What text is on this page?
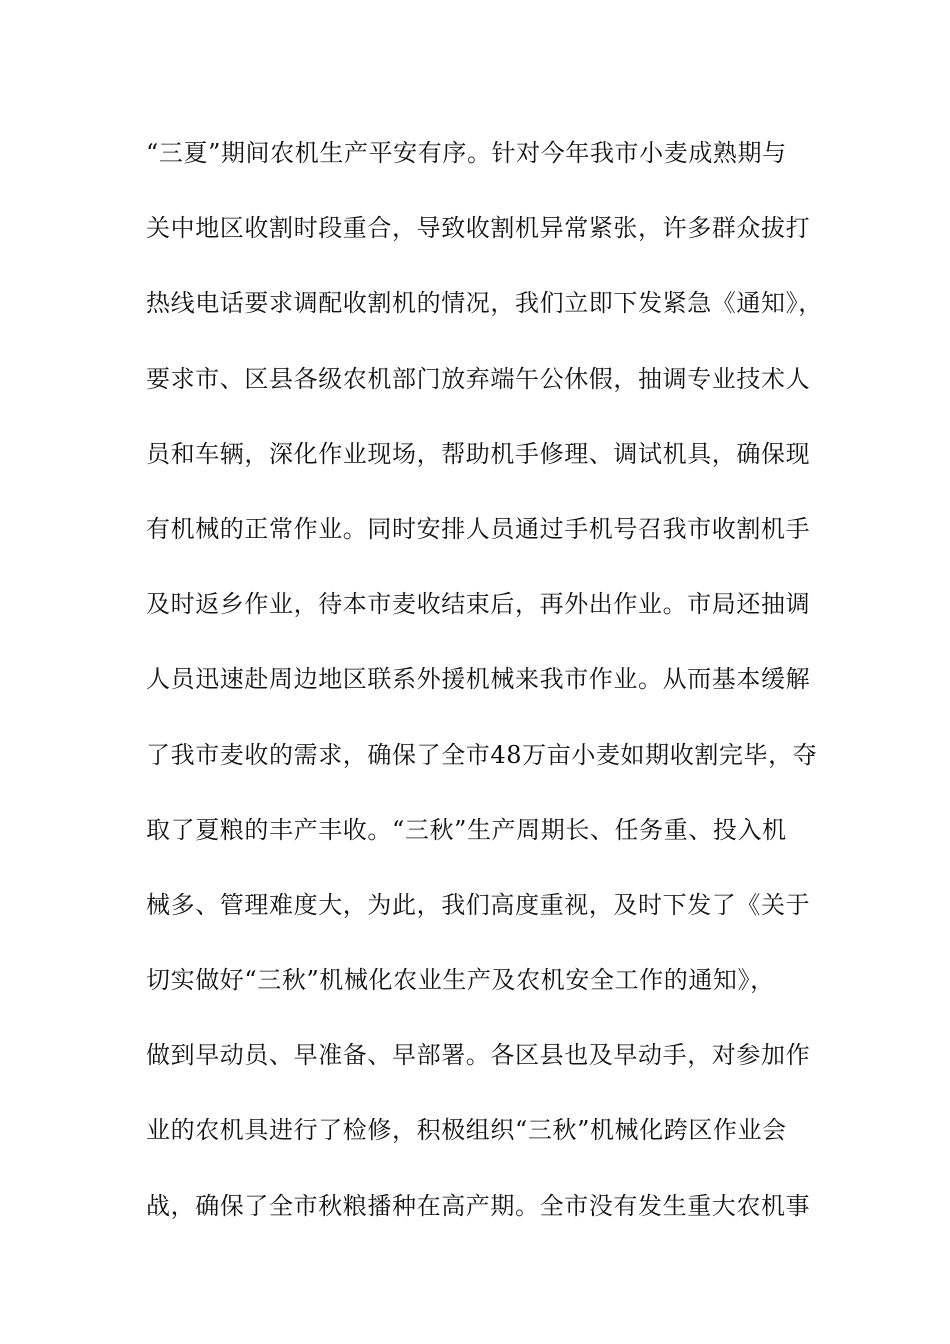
“三夏”期间农机生产平安有序。针对今年我市小麦成熟期与
关中地区收割时段重合，导致收割机异常紧张，许多群众拔打
热线电话要求调配收割机的情况，我们立即下发紧急《通知》，
要求市、区县各级农机部门放弃端午公休假，抽调专业技术人
员和车辆，深化作业现场，帮助机手修理、调试机具，确保现
有机械的正常作业。同时安排人员通过手机号召我市收割机手
及时返乡作业，待本市麦收结束后，再外出作业。市局还抽调
人员迅速赴周边地区联系外援机械来我市作业。从而基本缓解
了我市麦收的需求，确保了全市48万亩小麦如期收割完毕，夺
取了夏粮的丰产丰收。“三秋”生产周期长、任务重、投入机
械多、管理难度大，为此，我们高度重视，及时下发了《关于
切实做好“三秋”机械化农业生产及农机安全工作的通知》，
做到早动员、早准备、早部署。各区县也及早动手，对参加作
业的农机具进行了检修，积极组织“三秋”机械化跨区作业会
战，确保了全市秋粮播种在高产期。全市没有发生重大农机事
